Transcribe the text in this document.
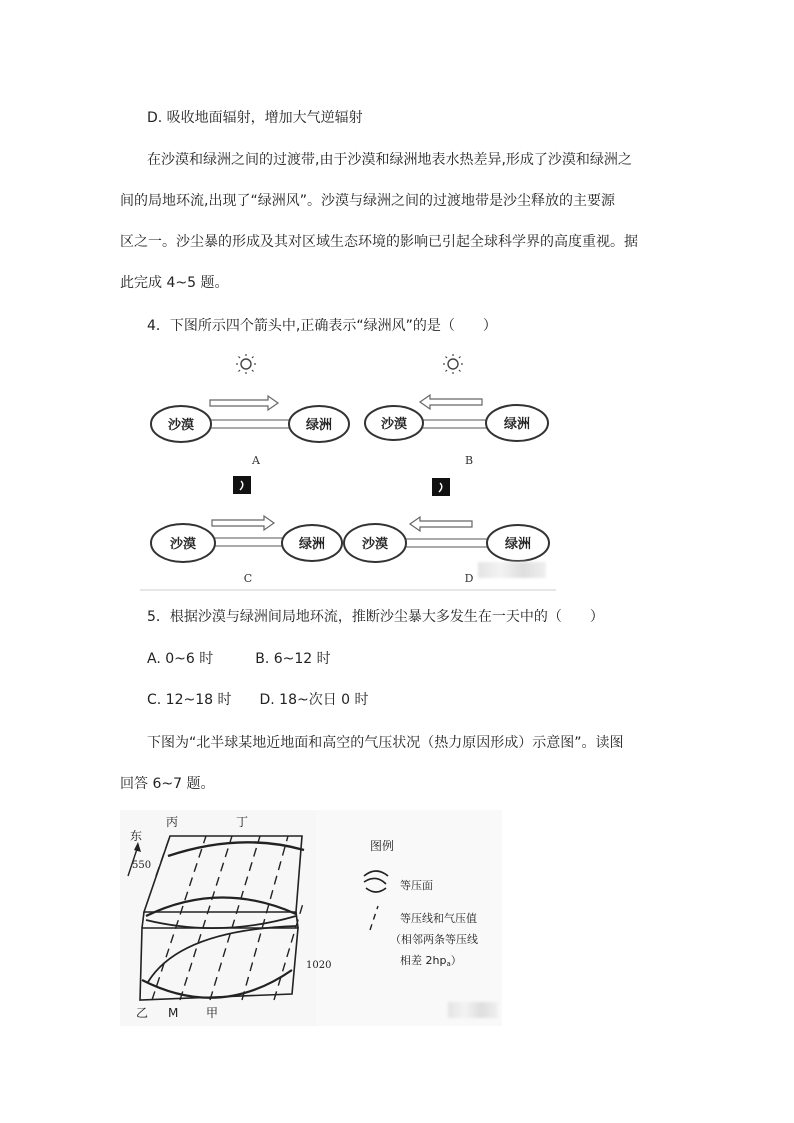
D. 吸收地面辐射，增加大气逆辐射
在沙漠和绿洲之间的过渡带,由于沙漠和绿洲地表水热差异,形成了沙漠和绿洲之
间的局地环流,出现了“绿洲风”。沙漠与绿洲之间的过渡地带是沙尘释放的主要源
区之一。沙尘暴的形成及其对区域生态环境的影响已引起全球科学界的高度重视。据
此完成 4~5 题。
4．下图所示四个箭头中,正确表示“绿洲风”的是（　　）
沙漠	绿洲
A
沙漠	绿洲
B
沙漠	绿洲
C
沙漠	绿洲
D
5．根据沙漠与绿洲间局地环流，推断沙尘暴大多发生在一天中的（　　）
A. 0~6 时　　　B. 6~12 时
C. 12~18 时　　D. 18~次日 0 时
下图为“北半球某地近地面和高空的气压状况（热力原因形成）示意图”。读图
回答 6~7 题。
丙	丁
东
550
1020
乙 M 甲
图例
等压面
等压线和气压值
（相邻两条等压线
相差 2hpa）
